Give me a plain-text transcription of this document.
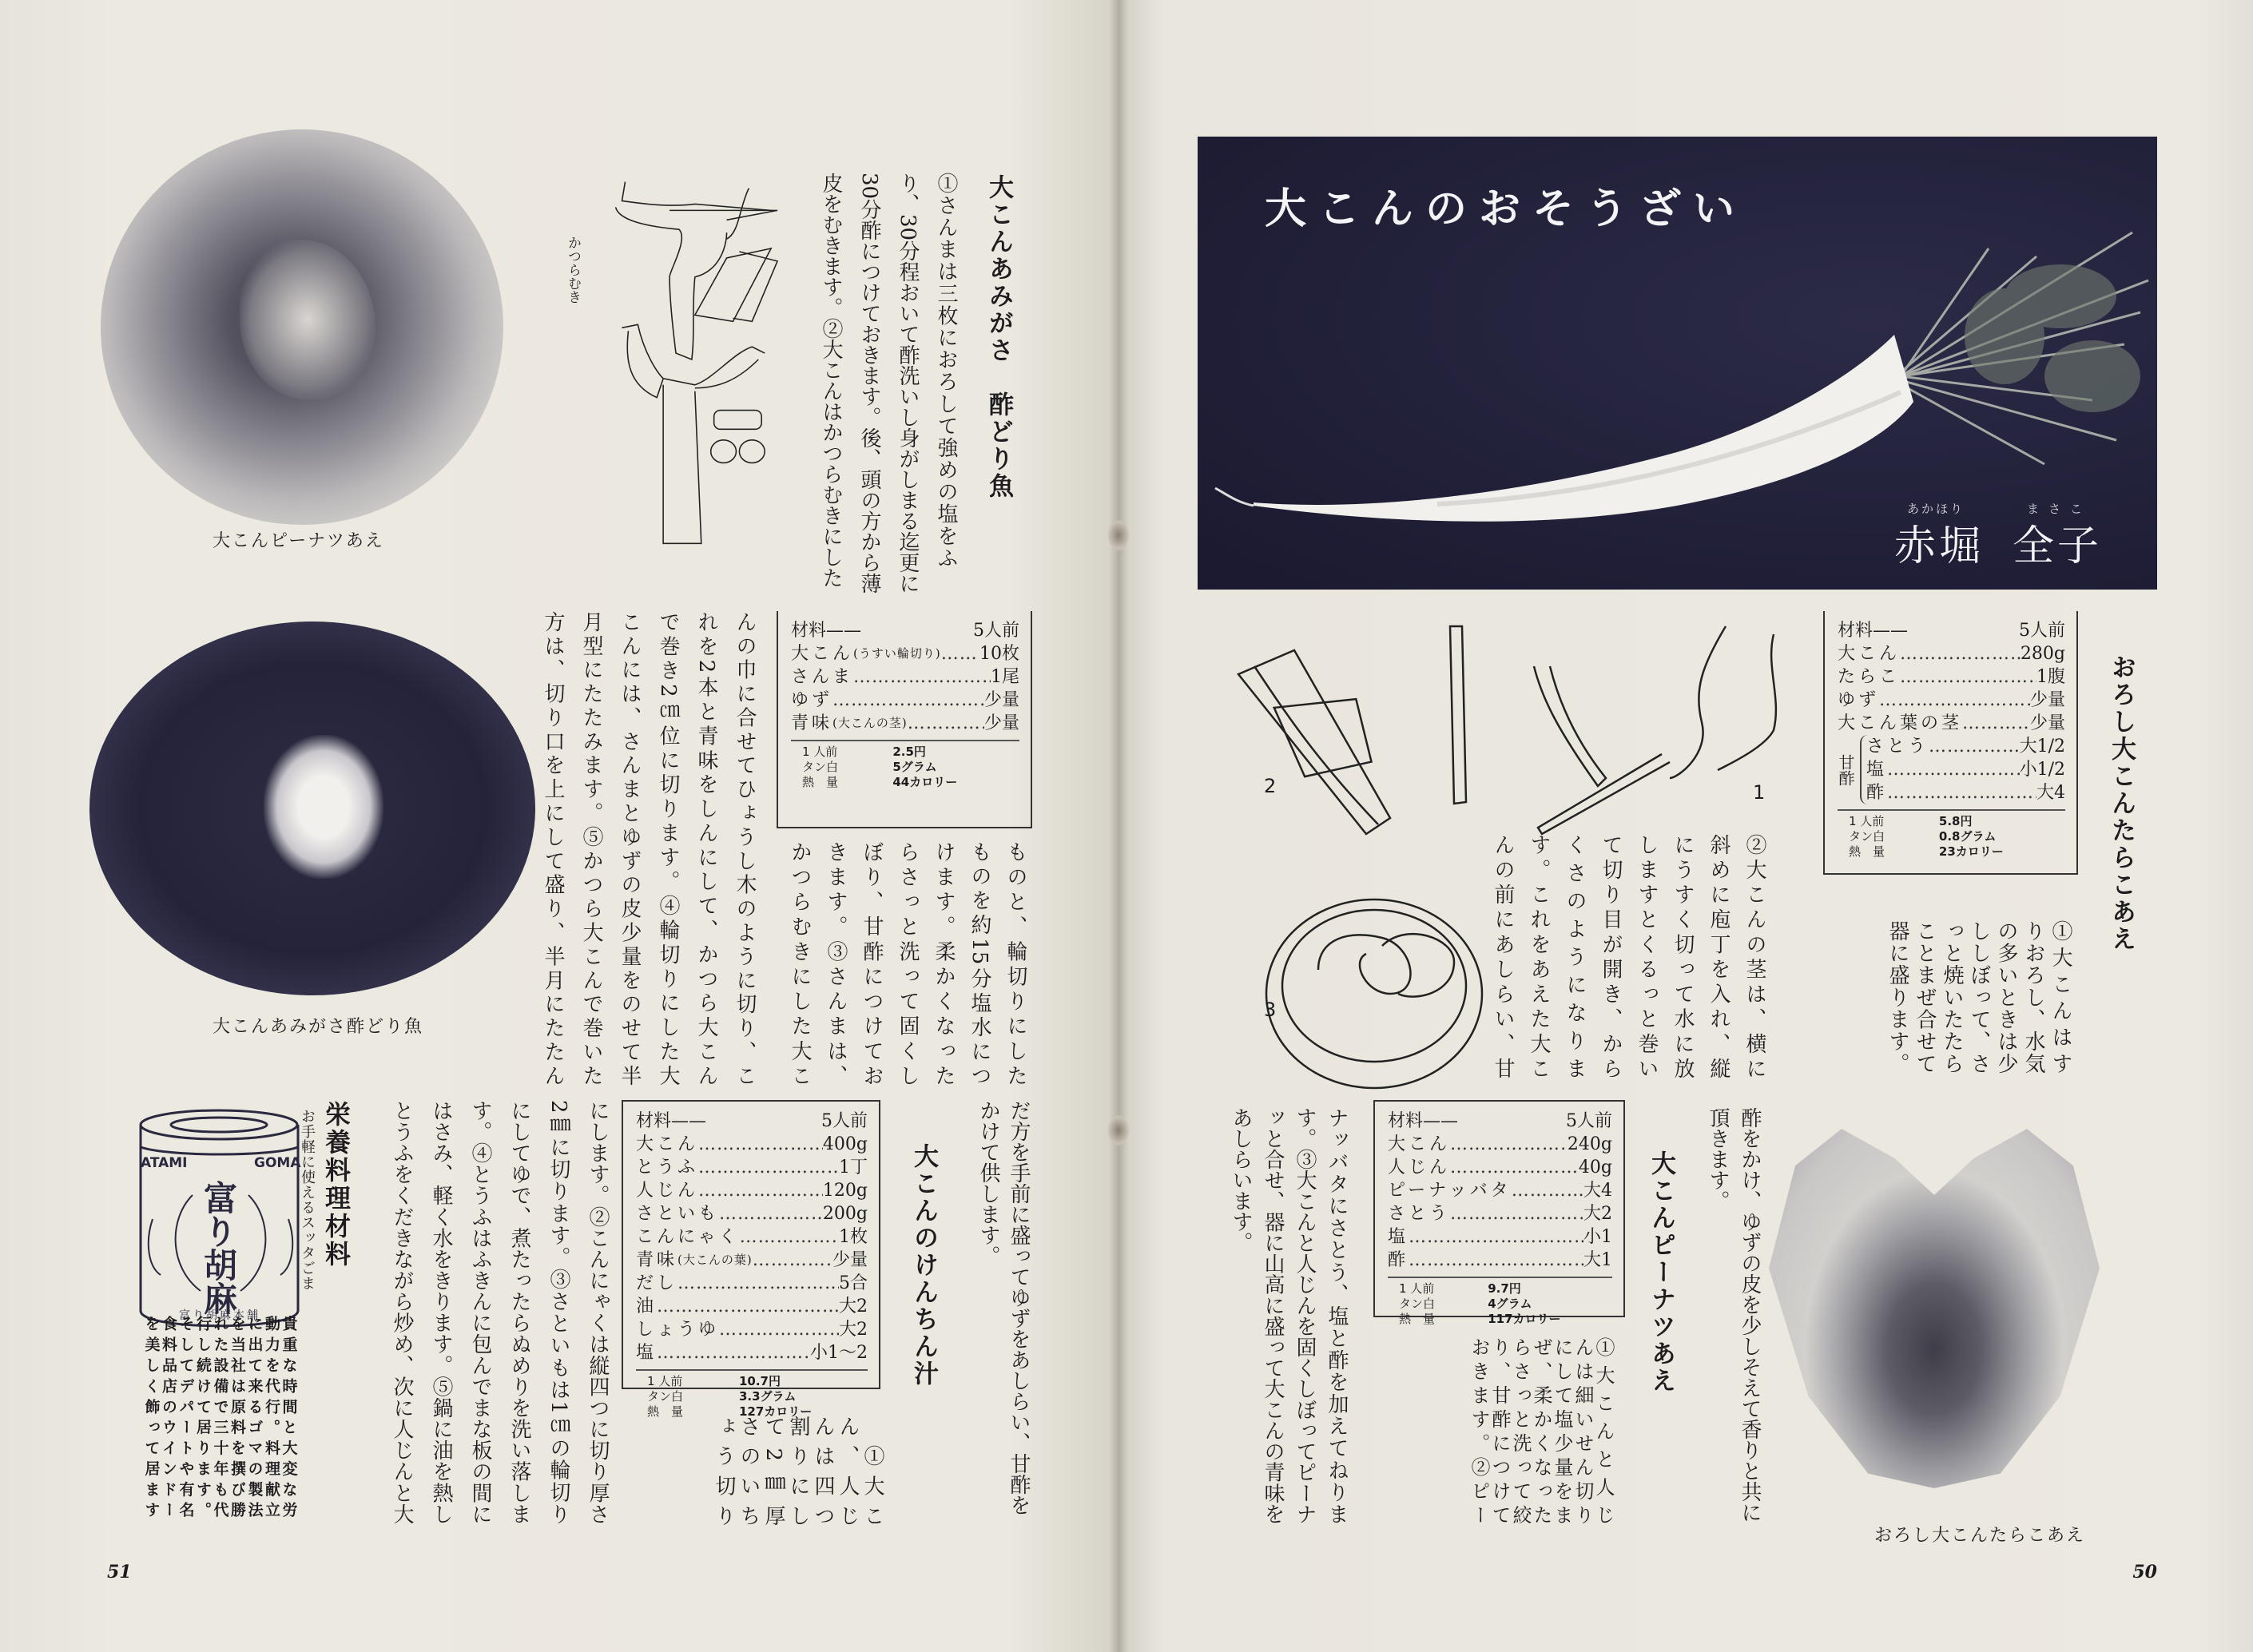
大こんピーナツあえ
大こんあみがさ酢どり魚
かつらむき	大こんあみがさ　酢どり魚
①さんまは三枚におろして強めの塩をふ
り、30分程おいて酢洗いし身がしまる迄更に
30分酢につけておきます。後、頭の方から薄
皮をむきます。②大こんはかつらむきにした
材料——	5人前
大こん (うすい輪切り) ………………………………………………………… 10枚
さんま …………………………………………………………	1尾
ゆず …………………………………………………………	少量
青味 (大こんの茎) …………………………………………………………	少量
1 人前	2.5円
タン白	5グラム
熱　量	44カロリー
ものと、輪切りにした
ものを約15分塩水につ
けます。柔かくなった
らさっと洗って固くし
ぼり、甘酢につけてお
きます。③さんまは、
かつらむきにした大こ
んの巾に合せてひょうし木のように切り、こ
れを2本と青味をしんにして、かつら大こん
で巻き2㎝位に切ります。④輪切りにした大
こんには、さんまとゆずの皮少量をのせて半
月型にたたみます。⑤かつら大こんで巻いた
方は、切り口を上にして盛り、半月にたたん
だ方を手前に盛ってゆずをあしらい、甘酢を
かけて供します。
大こんのけんちん汁
材料——	5人前
大こん …………………………………………………………	400g
とうふ …………………………………………………………	1丁
人じん …………………………………………………………	120g
さといも …………………………………………………………	200g
こんにゃく …………………………………………………………	1枚
青味 (大こんの葉) …………………………………………………………	少量
だし …………………………………………………………	5合
油 …………………………………………………………	大2
しょうゆ …………………………………………………………	大2
塩 …………………………………………………………	小1〜2
1 人前	10.7円
タン白	3.3グラム
熱　量	127カロリー
　①大こ
ん、人じ
んは四つ
割りにし
て2㎜厚
さのいち
ょう切り
にします。②こんにゃくは縦四つに切り厚さ
2㎜に切ります。③さといもは1㎝の輪切り
にしてゆで、煮たったらぬめりを洗い落しま
す。④とうふはふきんに包んでまな板の間に
はさみ、軽く水をきります。⑤鍋に油を熱し
とうふをくだきながら炒め、次に人じんと大
ATAMI	GOMA
富り胡麻
富り胡麻本舗
栄養料理材料
お手軽に使えるスッタごま
貴重な時間と大変な労
動力を代行。料理献立
に出て来るゴマの製法
を当社は原料を撰び勝
れた設備で三十年も代
行し続けて居ります。
そしてデパートや有名
食料品店のウインドー
を美しく飾って居ます
51
大こんのおそうざい
あかほり	まさこ
赤堀 全子
2	1
3
材料——	5人前
大こん …………………………………………………………	280g
たらこ …………………………………………………………	1腹
ゆず …………………………………………………………	少量
大こん葉の茎 …………………………………………………………	少量
甘酢
さとう …………………………………………………………	大1/2
塩 …………………………………………………………	小1/2
酢 …………………………………………………………	大4
1 人前	5.8円
タン白	0.8グラム
熱　量	23カロリー	おろし大こんたらこあえ
①大こんはす
りおろし、水気
の多いときは少
ししぼって、さ
っと焼いたたら
ことまぜ合せて
器に盛ります。
②大こんの茎は、横に
斜めに庖丁を入れ、縦
にうすく切って水に放
しますとくるっと巻い
て切り目が開き、から
くさのようになりま
す。これをあえた大こ
んの前にあしらい、甘
酢をかけ、ゆずの皮を少しそえて香りと共に
頂きます。
大こんピーナツあえ
材料——	5人前
大こん …………………………………………………………	240g
人じん …………………………………………………………	40g
ピーナッバタ …………………………………………………………	大4
さとう …………………………………………………………	大2
塩 …………………………………………………………	小1
酢 …………………………………………………………	大1
1 人前	9.7円
タン白	4グラム
熱　量	117カロリー
①大こんと人じ
んは細いせん切り
にして塩少量をま
ぜ、柔かくなった
らさっと洗って絞
り、甘酢につけて
おきます。②ピー
ナッバタにさとう、塩と酢を加えてねりま
す。③大こんと人じんを固くしぼってピーナ
ッと合せ、器に山高に盛って大こんの青味を
あしらいます。
おろし大こんたらこあえ
50
